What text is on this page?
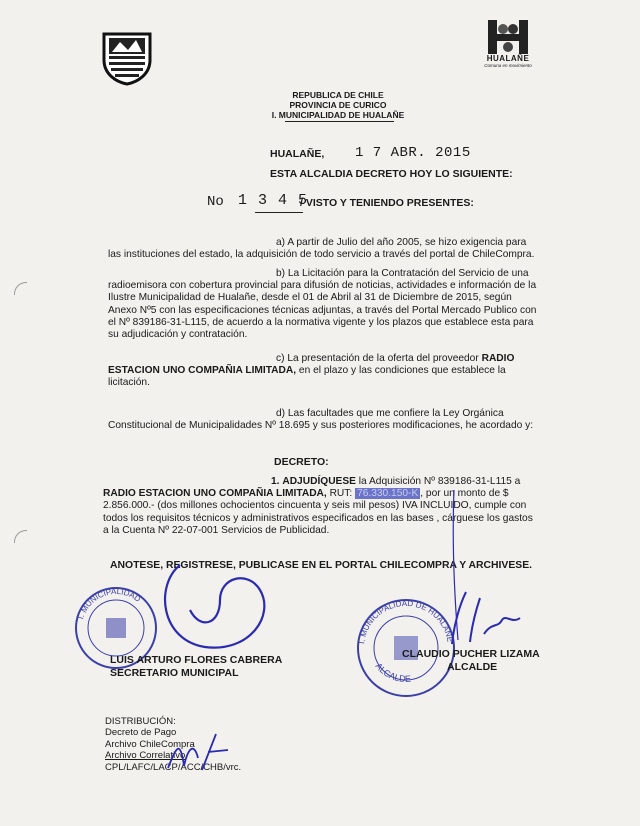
HUALAÑE
Comuna en movimiento
REPUBLICA DE CHILE
PROVINCIA DE CURICO
I. MUNICIPALIDAD DE HUALAÑE
HUALAÑE, 1 7 ABR. 2015
ESTA ALCALDIA DECRETO HOY LO SIGUIENTE:
No 1 3 4 5
/ VISTO Y TENIENDO PRESENTES:
a) A partir de Julio del año 2005, se hizo exigencia para
las instituciones del estado, la adquisición de todo servicio a través del portal de ChileCompra.
b) La Licitación para la Contratación del Servicio de una
radioemisora con cobertura provincial para difusión de noticias, actividades e información de la
Ilustre Municipalidad de Hualañe, desde el 01 de Abril al 31 de Diciembre de 2015, según
Anexo Nº5 con las especificaciones técnicas adjuntas, a través del Portal Mercado Publico con
el Nº 839186-31-L115, de acuerdo a la normativa vigente y los plazos que establece esta para
su adjudicación y contratación.
c) La presentación de la oferta del proveedor RADIO
ESTACION UNO COMPAÑIA LIMITADA, en el plazo y las condiciones que establece la
licitación.
d) Las facultades que me confiere la Ley Orgánica
Constitucional de Municipalidades Nº 18.695 y sus posteriores modificaciones, he acordado y:
DECRETO:
1. ADJUDÍQUESE la Adquisición Nº 839186-31-L115 a
RADIO ESTACION UNO COMPAÑIA LIMITADA, RUT: 76.330.150-K , por un monto de $
2.856.000.- (dos millones ochocientos cincuenta y seis mil pesos) IVA INCLUIDO, cumple con
todos los requisitos técnicos y administrativos especificados en las bases , cárguese los gastos
a la Cuenta Nº 22-07-001 Servicios de Publicidad.
ANOTESE, REGISTRESE, PUBLICASE EN EL PORTAL CHILECOMPRA Y ARCHIVESE.
I. MUNICIPALIDAD
I. MUNICIPALIDAD DE HUALAÑE
ALCALDE
LUIS ARTURO FLORES CABRERA
SECRETARIO MUNICIPAL
CLAUDIO PUCHER LIZAMA
ALCALDE
DISTRIBUCIÓN:
Decreto de Pago
Archivo ChileCompra
Archivo Correlativo
CPL/LAFC/LACP/ACC/CHB/vrc.
